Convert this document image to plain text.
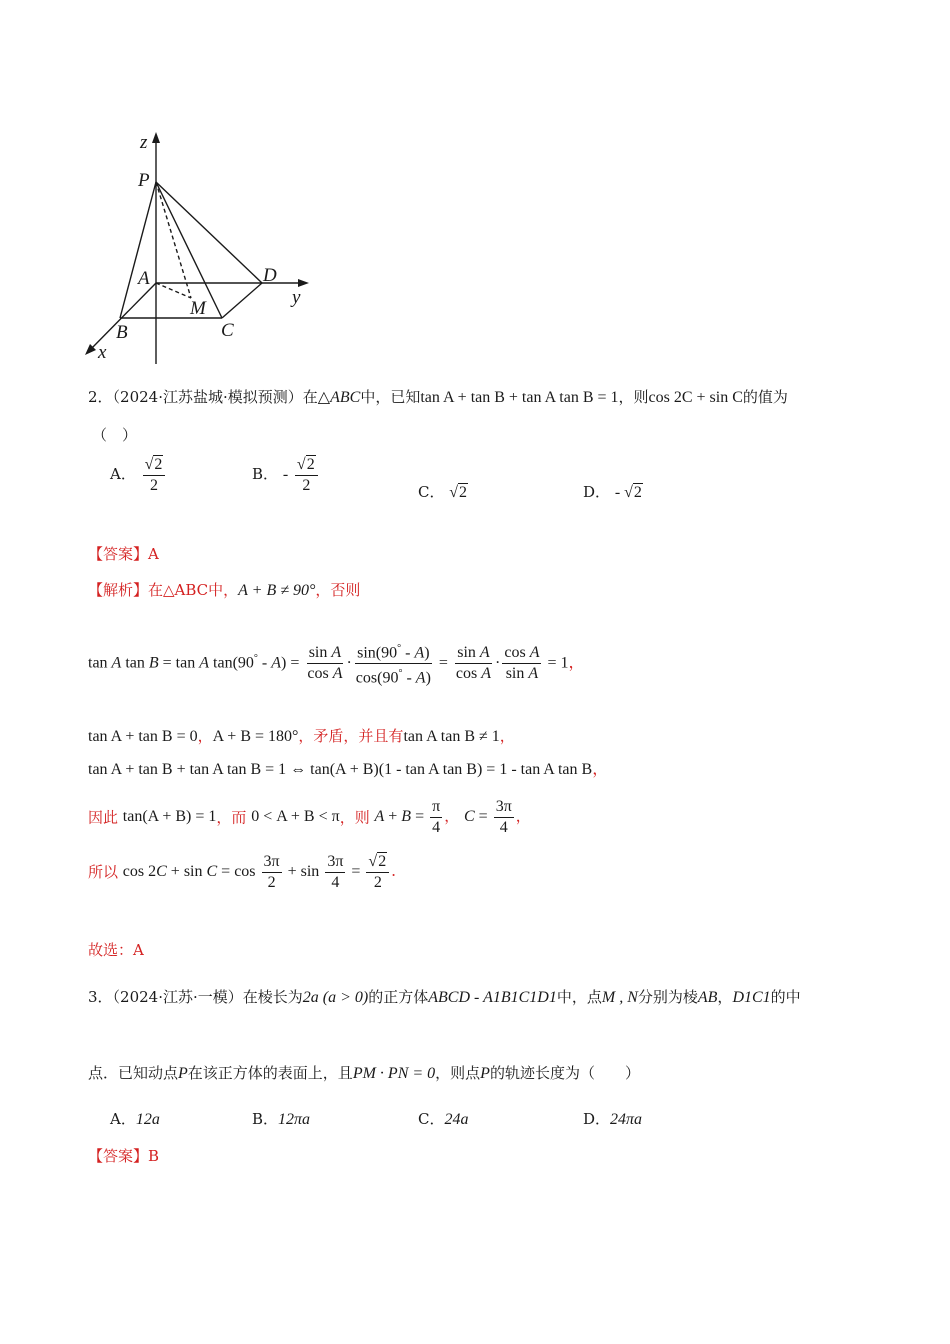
z
P
A	D
y
M
B	C
x
2．（2024·江苏盐城·模拟预测）在△ABC中，已知tan A + tan B + tan A tan B = 1，则cos 2C + sin C的值为
（　）
A． $\frac{√2}{2}$	B． - $\frac{√2}{2}$	C． √2	D． - √2
【答案】A
【解析】在△ABC中，A + B ≠ 90°，否则
tan A tan B = tan A $\tan(90^\circ - A) = \frac{\text{sin A}}{\text{cos A}} \cdot \frac{\sin(90^\circ - A)}{\cos(90^\circ - A)} = \frac{\text{sin A}}{\text{cos A}} \cdot \frac{\text{cos A}}{\text{sin A}} = 1$，
tan A + tan B = 0，A + B = 180°，矛盾，并且有tan A tan B ≠ 1，
tan A + tan B + tan A tan B = 1 ⇔ tan(A + B)(1 - tan A tan B) = 1 - tan A tan B，
因此 tan(A + B) = 1，而 0 < A + B < π，则 $A + B = \frac{\pi}{4}$ ， $C = \frac{3\pi}{4}$ ，
所以 $\cos 2C + \sin C = \cos \frac{3\pi}{2} + \sin \frac{3\pi}{4} = \frac{√2}{2}$ ．
故选：A
3．（2024·江苏·一模）在棱长为2a (a > 0)的正方体ABCD - A1B1C1D1中，点M , N分别为棱AB，D1C1的中
点．已知动点P在该正方体的表面上，且PM · PN = 0，则点P的轨迹长度为（　　）
A．12a	B．12πa	C．24a	D．24πa
【答案】B
